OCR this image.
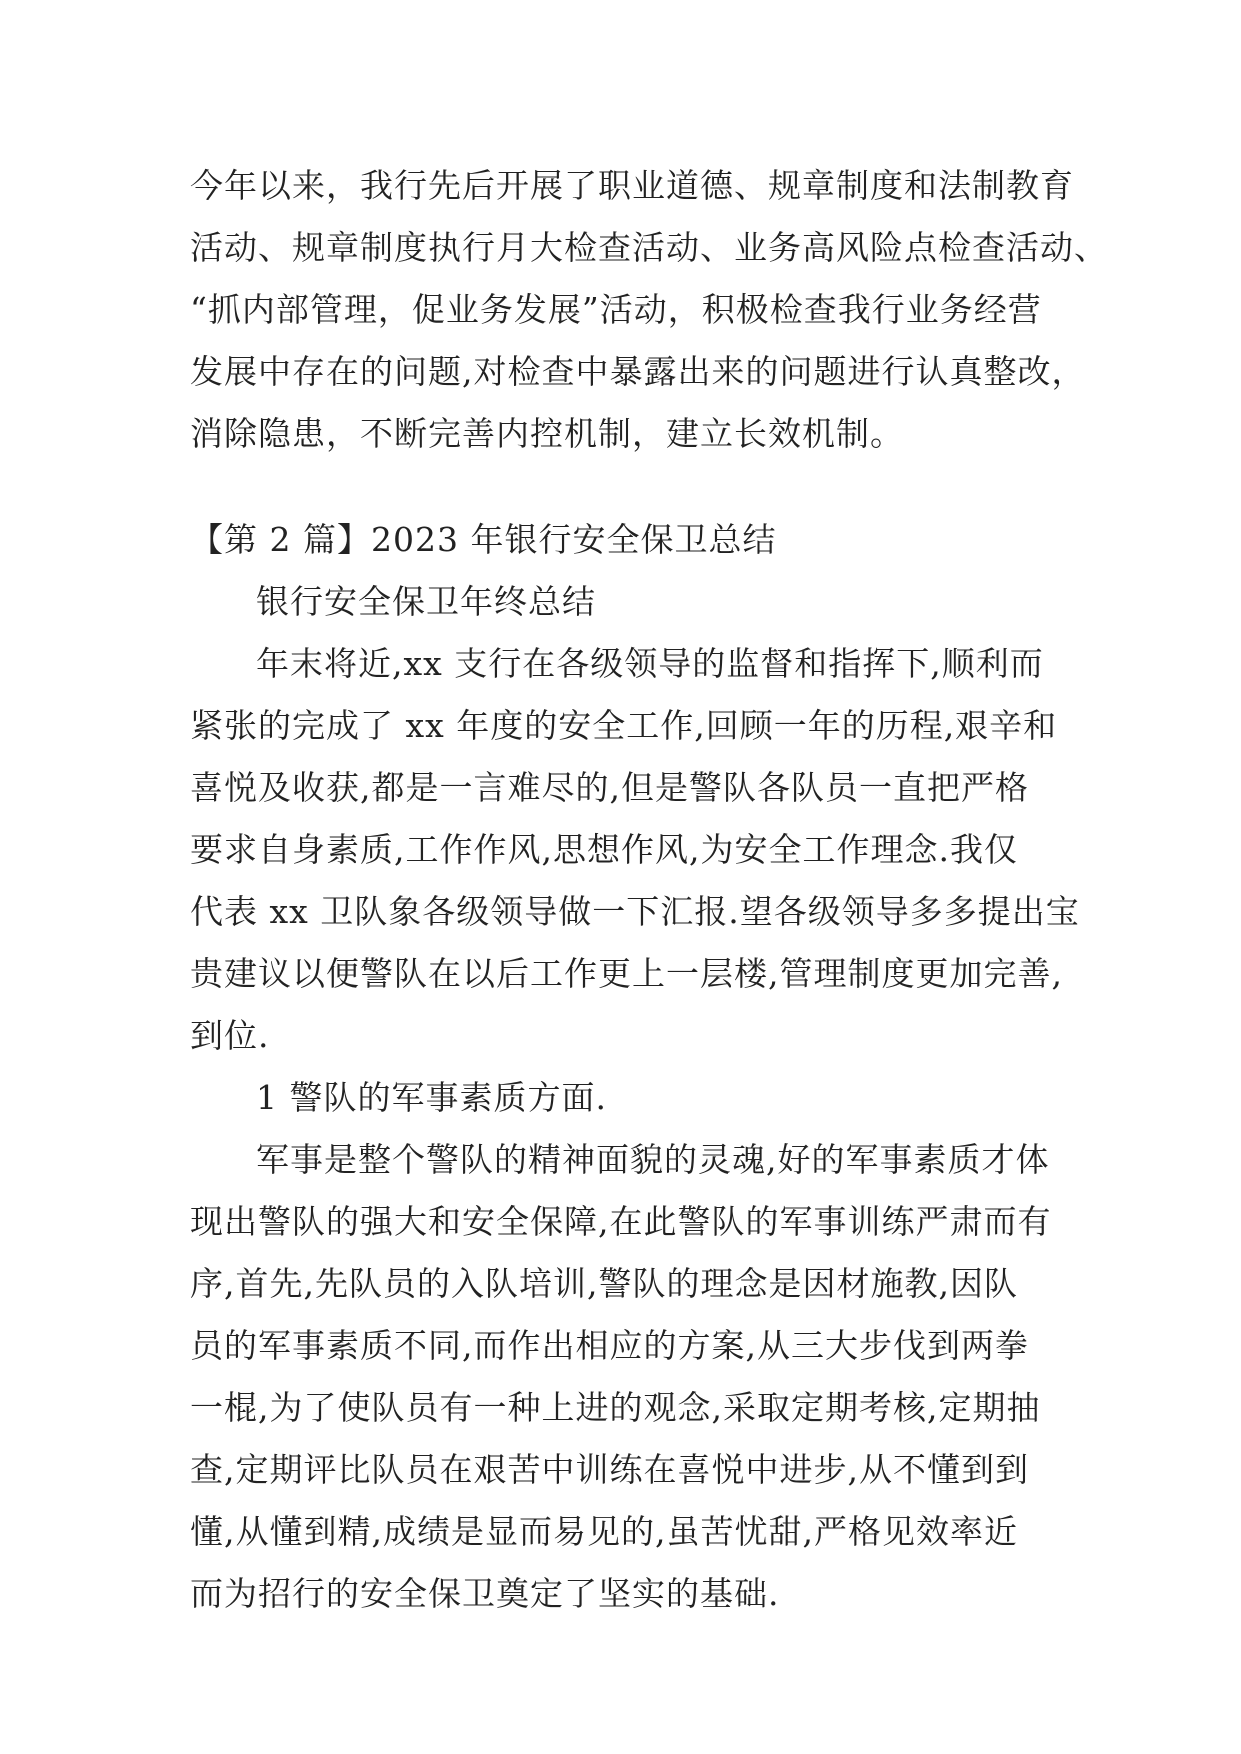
今年以来，我行先后开展了职业道德、规章制度和法制教育
活动、规章制度执行月大检查活动、业务高风险点检查活动、
“抓内部管理，促业务发展”活动，积极检查我行业务经营
发展中存在的问题,对检查中暴露出来的问题进行认真整改，
消除隐患，不断完善内控机制，建立长效机制。
【第 2 篇】2023 年银行安全保卫总结
银行安全保卫年终总结
年末将近,xx 支行在各级领导的监督和指挥下,顺利而
紧张的完成了 xx 年度的安全工作,回顾一年的历程,艰辛和
喜悦及收获,都是一言难尽的,但是警队各队员一直把严格
要求自身素质,工作作风,思想作风,为安全工作理念.我仅
代表 xx 卫队象各级领导做一下汇报.望各级领导多多提出宝
贵建议以便警队在以后工作更上一层楼,管理制度更加完善,
到位.
1 警队的军事素质方面.
军事是整个警队的精神面貌的灵魂,好的军事素质才体
现出警队的强大和安全保障,在此警队的军事训练严肃而有
序,首先,先队员的入队培训,警队的理念是因材施教,因队
员的军事素质不同,而作出相应的方案,从三大步伐到两拳
一棍,为了使队员有一种上进的观念,采取定期考核,定期抽
查,定期评比队员在艰苦中训练在喜悦中进步,从不懂到到
懂,从懂到精,成绩是显而易见的,虽苦忧甜,严格见效率近
而为招行的安全保卫奠定了坚实的基础.
